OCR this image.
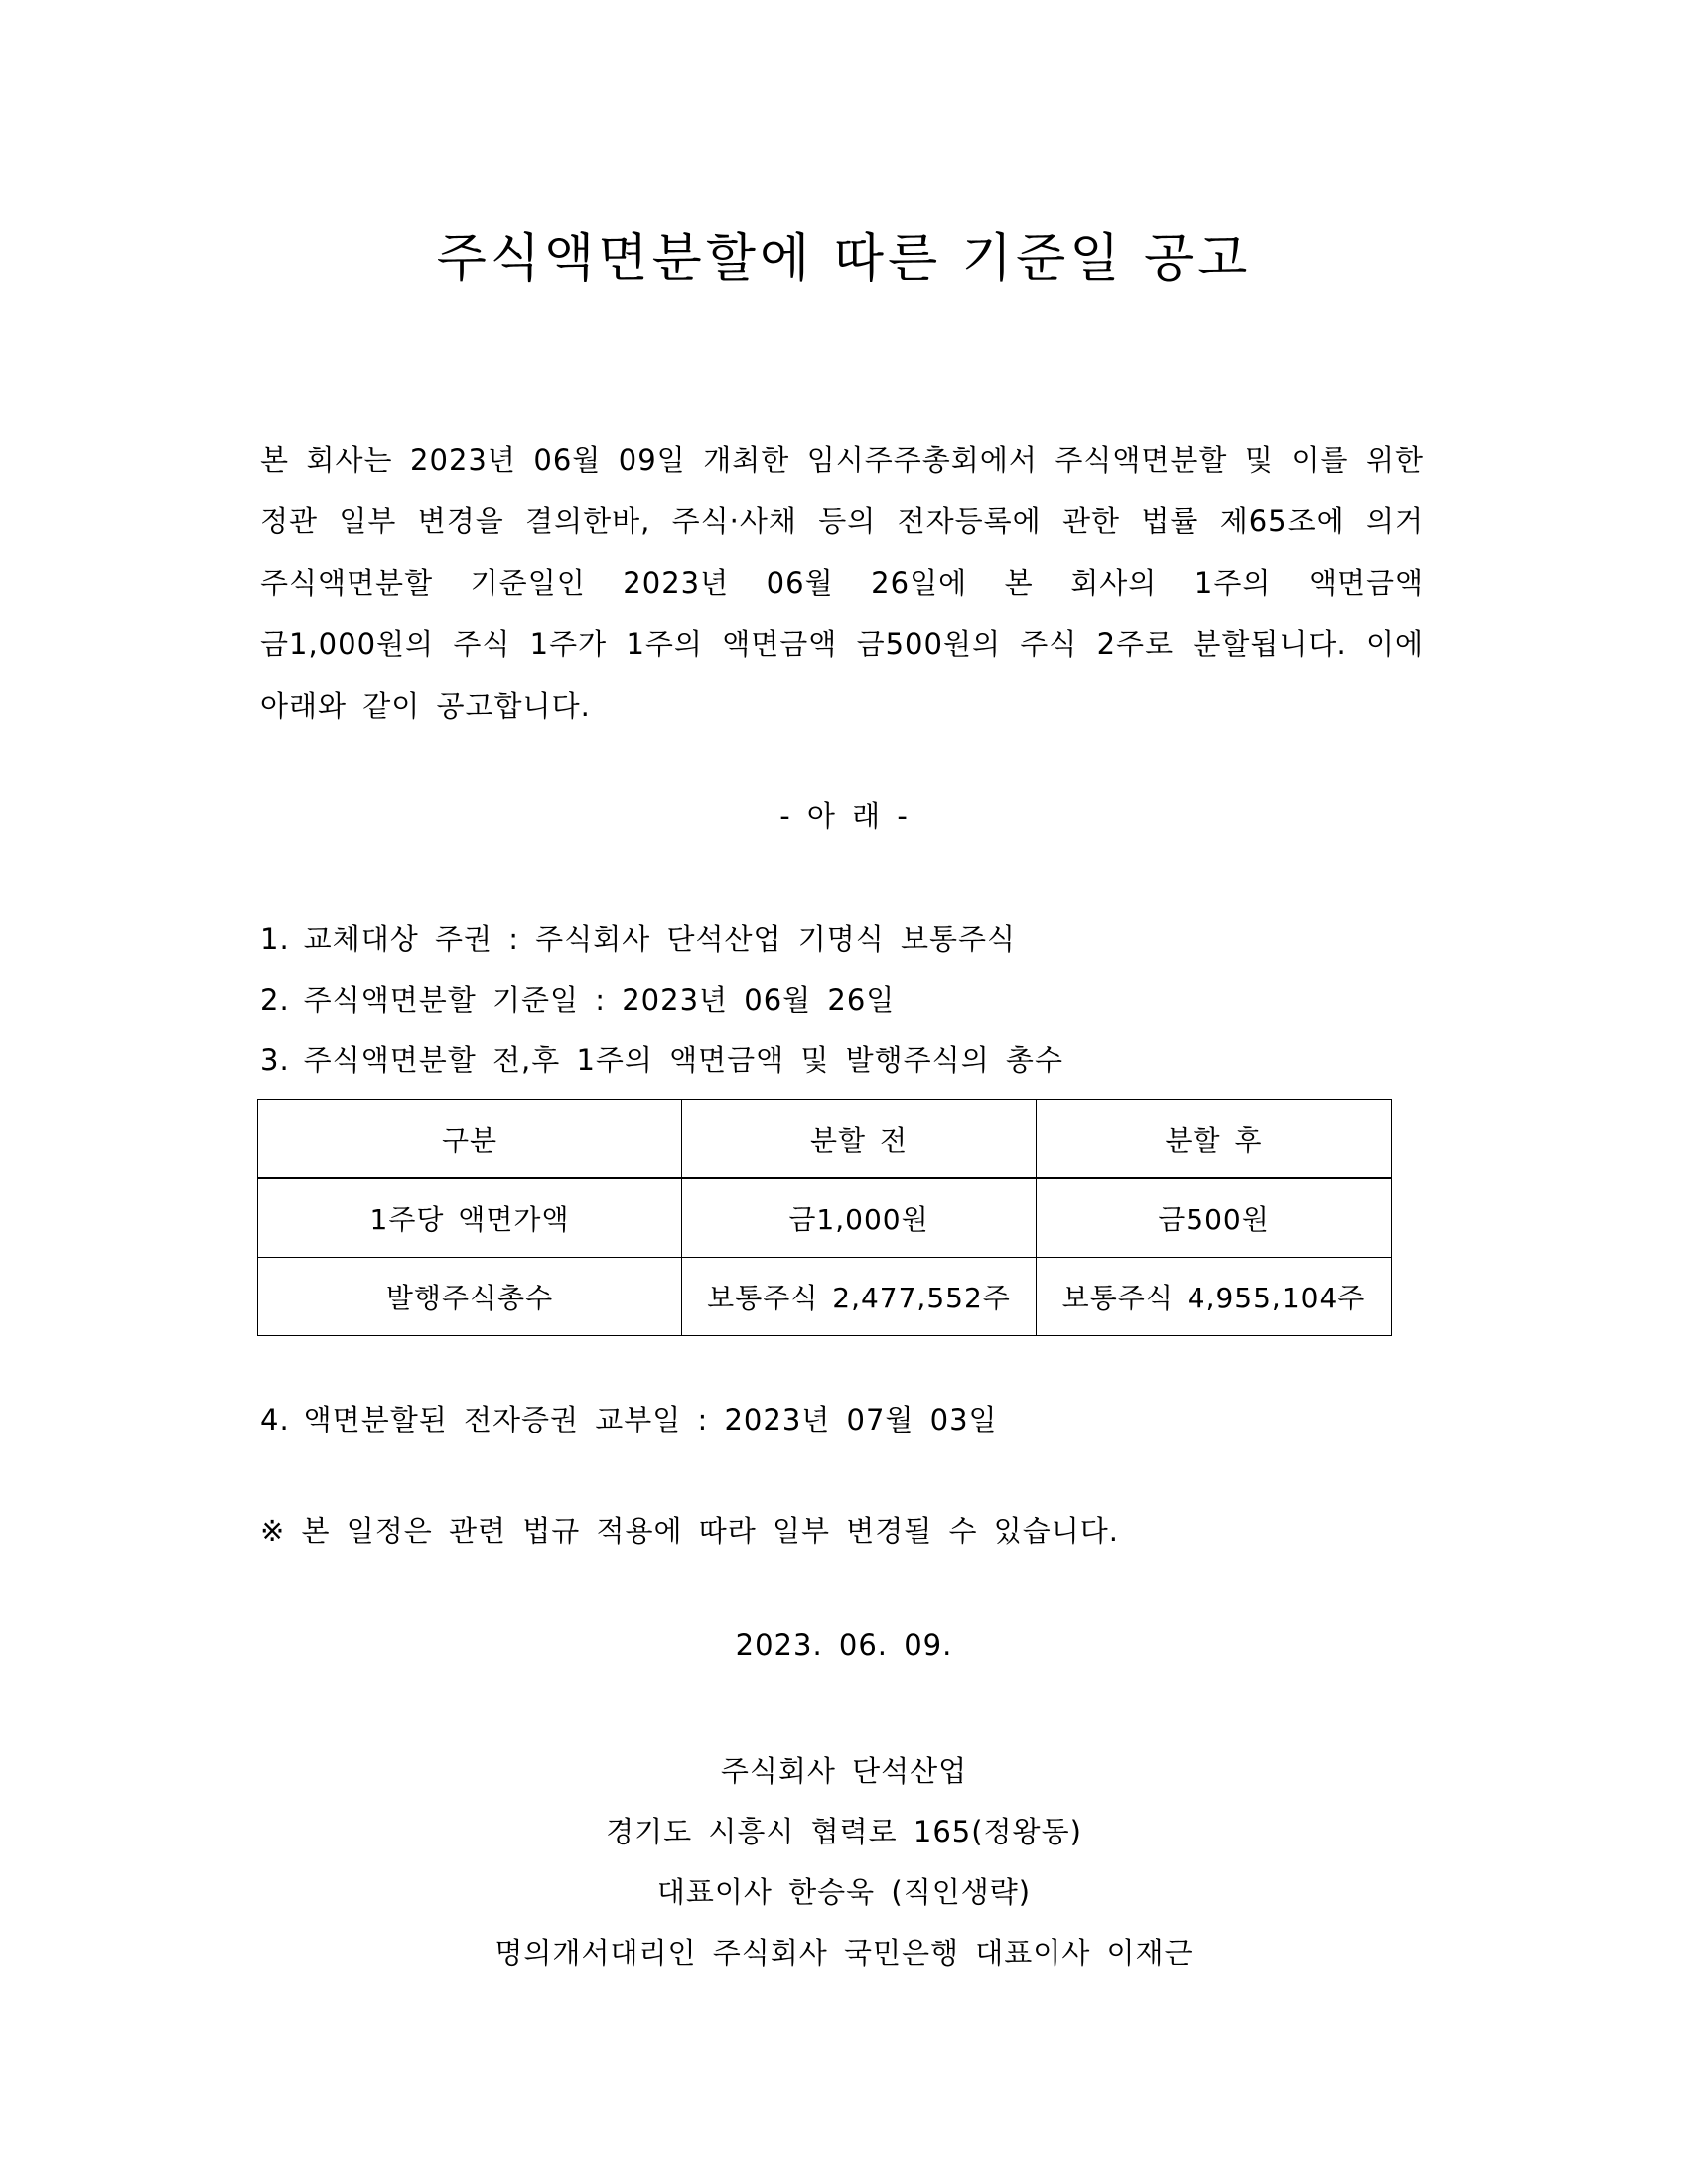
주식액면분할에 따른 기준일 공고
본 회사는 2023년 06월 09일 개최한 임시주주총회에서 주식액면분할 및 이를 위한 정관 일부 변경을 결의한바, 주식·사채 등의 전자등록에 관한 법률 제65조에 의거 주식액면분할 기준일인 2023년 06월 26일에 본 회사의 1주의 액면금액 금1,000원의 주식 1주가 1주의 액면금액 금500원의 주식 2주로 분할됩니다. 이에 아래와 같이 공고합니다.
- 아 래 -
1. 교체대상 주권 : 주식회사 단석산업 기명식 보통주식
2. 주식액면분할 기준일 : 2023년 06월 26일
3. 주식액면분할 전,후 1주의 액면금액 및 발행주식의 총수
구분	분할 전	분할 후
1주당 액면가액	금1,000원	금500원
발행주식총수	보통주식 2,477,552주	보통주식 4,955,104주
4. 액면분할된 전자증권 교부일 : 2023년 07월 03일
※ 본 일정은 관련 법규 적용에 따라 일부 변경될 수 있습니다.
2023. 06. 09.
주식회사 단석산업
경기도 시흥시 협력로 165(정왕동)
대표이사 한승욱 (직인생략)
명의개서대리인 주식회사 국민은행 대표이사 이재근
